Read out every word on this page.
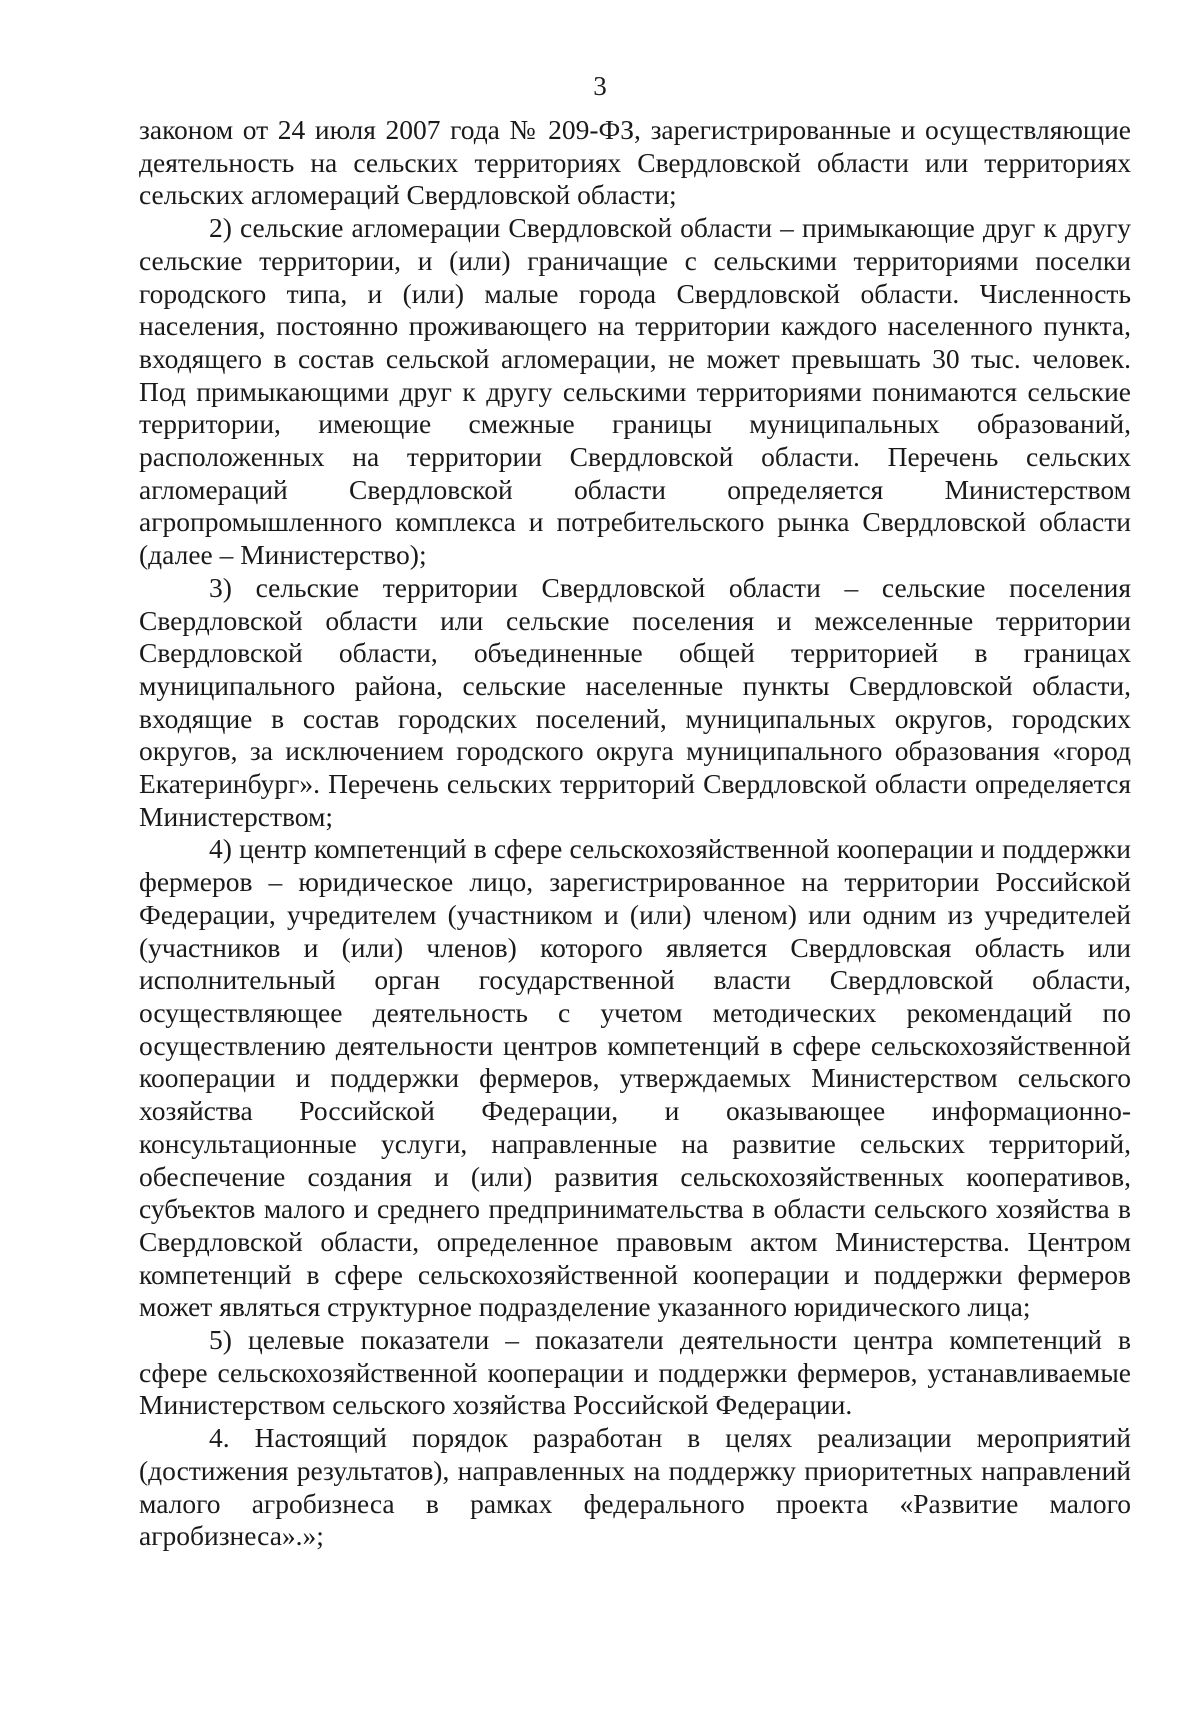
3

законом от 24 июля 2007 года № 209-ФЗ, зарегистрированные и осуществляющие деятельность на сельских территориях Свердловской области или территориях сельских агломераций Свердловской области;

2) сельские агломерации Свердловской области – примыкающие друг к другу сельские территории, и (или) граничащие с сельскими территориями поселки городского типа, и (или) малые города Свердловской области. Численность населения, постоянно проживающего на территории каждого населенного пункта, входящего в состав сельской агломерации, не может превышать 30 тыс. человек. Под примыкающими друг к другу сельскими территориями понимаются сельские территории, имеющие смежные границы муниципальных образований, расположенных на территории Свердловской области. Перечень сельских агломераций Свердловской области определяется Министерством агропромышленного комплекса и потребительского рынка Свердловской области (далее – Министерство);

3) сельские территории Свердловской области – сельские поселения Свердловской области или сельские поселения и межселенные территории Свердловской области, объединенные общей территорией в границах муниципального района, сельские населенные пункты Свердловской области, входящие в состав городских поселений, муниципальных округов, городских округов, за исключением городского округа муниципального образования «город Екатеринбург». Перечень сельских территорий Свердловской области определяется Министерством;

4) центр компетенций в сфере сельскохозяйственной кооперации и поддержки фермеров – юридическое лицо, зарегистрированное на территории Российской Федерации, учредителем (участником и (или) членом) или одним из учредителей (участников и (или) членов) которого является Свердловская область или исполнительный орган государственной власти Свердловской области, осуществляющее деятельность с учетом методических рекомендаций по осуществлению деятельности центров компетенций в сфере сельскохозяйственной кооперации и поддержки фермеров, утверждаемых Министерством сельского хозяйства Российской Федерации, и оказывающее информационно-консультационные услуги, направленные на развитие сельских территорий, обеспечение создания и (или) развития сельскохозяйственных кооперативов, субъектов малого и среднего предпринимательства в области сельского хозяйства в Свердловской области, определенное правовым актом Министерства. Центром компетенций в сфере сельскохозяйственной кооперации и поддержки фермеров может являться структурное подразделение указанного юридического лица;

5) целевые показатели – показатели деятельности центра компетенций в сфере сельскохозяйственной кооперации и поддержки фермеров, устанавливаемые Министерством сельского хозяйства Российской Федерации.

4. Настоящий порядок разработан в целях реализации мероприятий (достижения результатов), направленных на поддержку приоритетных направлений малого агробизнеса в рамках федерального проекта «Развитие малого агробизнеса».»;
